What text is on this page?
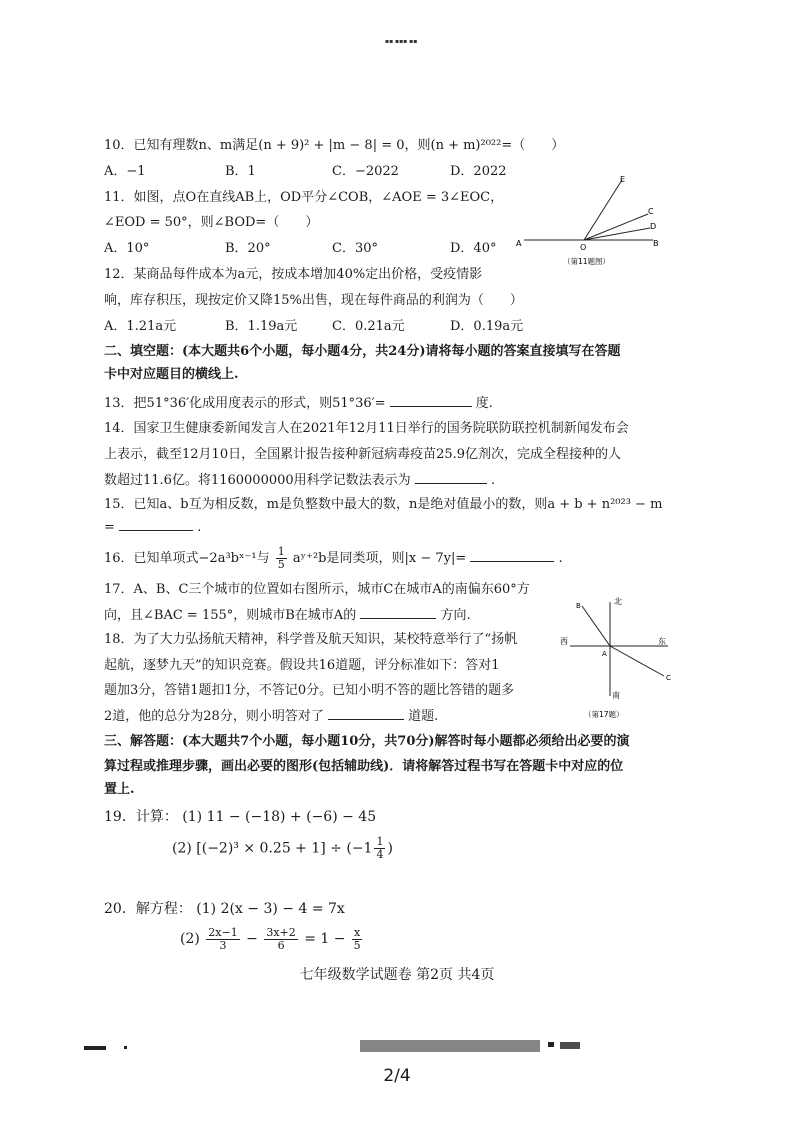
▪▪ ▪▪▪ ▪▪
10．已知有理数n、m满足(n + 9)² + |m − 8| = 0，则(n + m)²⁰²²=（　　）
A．−1	B．1	C．−2022	D．2022
11．如图，点O在直线AB上，OD平分∠COB，∠AOE = 3∠EOC，
∠EOD = 50°，则∠BOD=（　　）
A．10°	B．20°	C．30°	D．40°
E
C
D
A	O	B
（第11题图）
12．某商品每件成本为a元，按成本增加40%定出价格，受疫情影
响，库存积压，现按定价又降15%出售，现在每件商品的利润为（　　）
A．1.21a元	B．1.19a元	C．0.21a元	D．0.19a元
二、填空题：(本大题共6个小题，每小题4分，共24分)请将每小题的答案直接填写在答题
卡中对应题目的横线上.
13．把51°36′化成用度表示的形式，则51°36′=	度.
14．国家卫生健康委新闻发言人在2021年12月11日举行的国务院联防联控机制新闻发布会
上表示，截至12月10日，全国累计报告接种新冠病毒疫苗25.9亿剂次，完成全程接种的人
数超过11.6亿。将1160000000用科学记数法表示为	.
15．已知a、b互为相反数，m是负整数中最大的数，n是绝对值最小的数，则a + b + n²⁰²³ − m
=	.
16．已知单项式−2a³bˣ⁻¹与 $\frac{1}{5}$ aʸ⁺²b是同类项，则|x − 7y|=	.
17．A、B、C三个城市的位置如右图所示，城市C在城市A的南偏东60°方
向，且∠BAC = 155°，则城市B在城市A的	方向.
北
南
西	东
A
B
C
（第17题）
18．为了大力弘扬航天精神，科学普及航天知识，某校特意举行了“扬帆
起航，逐梦九天”的知识竞赛。假设共16道题，评分标准如下：答对1
题加3分，答错1题扣1分，不答记0分。已知小明不答的题比答错的题多
2道，他的总分为28分，则小明答对了	道题.
三、解答题：(本大题共7个小题，每小题10分，共70分)解答时每小题都必须给出必要的演
算过程或推理步骤，画出必要的图形(包括辅助线)．请将解答过程书写在答题卡中对应的位
置上.
19．计算： (1) 11 − (−18) + (−6) − 45
(2) $[(-2)^3 \times 0.25 + 1] \div (-1 \frac{1}{4}$ )
20．解方程： (1) 2(x − 3) − 4 = 7x
$(2) \frac{2x-1}{3} - \frac{3x+2}{6} = 1 - \frac{x}{5}$
七年级数学试题卷 第2页 共4页
2/4
